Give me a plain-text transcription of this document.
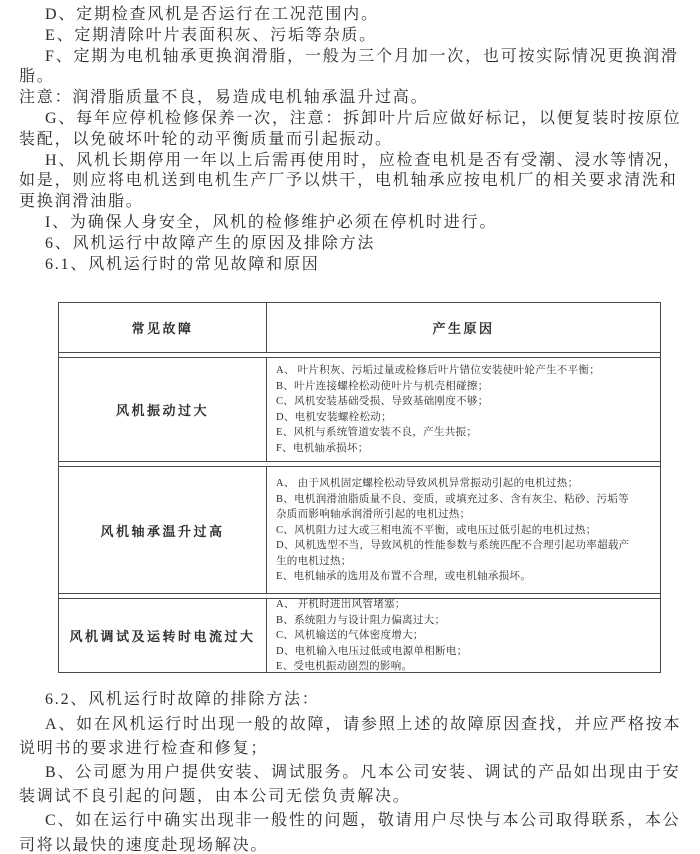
D、定期检查风机是否运行在工况范围内。
E、定期清除叶片表面积灰、污垢等杂质。
F、定期为电机轴承更换润滑脂，一般为三个月加一次，也可按实际情况更换润滑
脂。
注意：润滑脂质量不良，易造成电机轴承温升过高。
G、每年应停机检修保养一次，注意：拆卸叶片后应做好标记，以便复装时按原位
装配，以免破坏叶轮的动平衡质量而引起振动。
H、风机长期停用一年以上后需再使用时，应检查电机是否有受潮、浸水等情况，
如是，则应将电机送到电机生产厂予以烘干，电机轴承应按电机厂的相关要求清洗和
更换润滑油脂。
I、为确保人身安全，风机的检修维护必须在停机时进行。
6、风机运行中故障产生的原因及排除方法
6.1、风机运行时的常见故障和原因
常见故障	产生原因
风机振动过大
A、 叶片积灰、污垢过量或检修后叶片错位安装使叶轮产生不平衡；
B、叶片连接螺栓松动使叶片与机壳相碰擦；
C、风机安装基础受损、导致基础刚度不够；
D、电机安装螺栓松动；
E、风机与系统管道安装不良，产生共振；
F、电机轴承损坏；
风机轴承温升过高
A、 由于风机固定螺栓松动导致风机异常振动引起的电机过热；
B、电机润滑油脂质量不良、变质，或填充过多、含有灰尘、粘砂、污垢等杂质而影响轴承润滑所引起的电机过热；
C、风机阻力过大或三相电流不平衡，或电压过低引起的电机过热；
D、风机选型不当，导致风机的性能参数与系统匹配不合理引起功率超载产生的电机过热；
E、电机轴承的选用及布置不合理，或电机轴承损坏。
风机调试及运转时电流过大
A、 开机时进出风管堵塞；
B、系统阻力与设计阻力偏离过大；
C、风机输送的气体密度增大；
D、电机输入电压过低或电源单相断电；
E、受电机振动剧烈的影响。
6.2、风机运行时故障的排除方法：
A、如在风机运行时出现一般的故障，请参照上述的故障原因查找，并应严格按本
说明书的要求进行检查和修复；
B、公司愿为用户提供安装、调试服务。凡本公司安装、调试的产品如出现由于安
装调试不良引起的问题，由本公司无偿负责解决。
C、如在运行中确实出现非一般性的问题，敬请用户尽快与本公司取得联系，本公
司将以最快的速度赴现场解决。
